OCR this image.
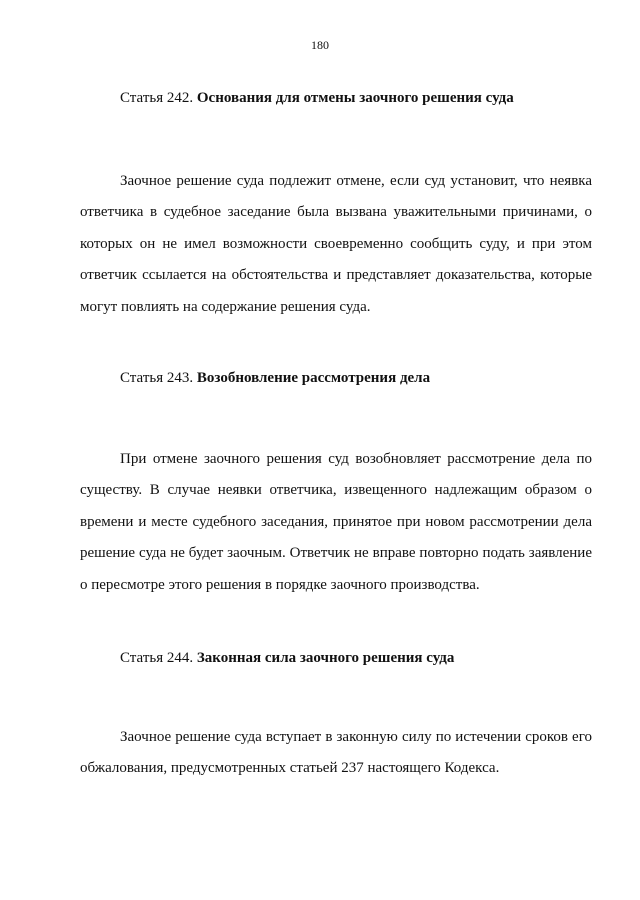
180
Статья 242. Основания для отмены заочного решения суда

Заочное решение суда подлежит отмене, если суд установит, что неявка ответчика в судебное заседание была вызвана уважительными причинами, о которых он не имел возможности своевременно сообщить суду, и при этом ответчик ссылается на обстоятельства и представляет доказательства, которые могут повлиять на содержание решения суда.

Статья 243. Возобновление рассмотрения дела

При отмене заочного решения суд возобновляет рассмотрение дела по существу. В случае неявки ответчика, извещенного надлежащим образом о времени и месте судебного заседания, принятое при новом рассмотрении дела решение суда не будет заочным. Ответчик не вправе повторно подать заявление о пересмотре этого решения в порядке заочного производства.

Статья 244. Законная сила заочного решения суда

Заочное решение суда вступает в законную силу по истечении сроков его обжалования, предусмотренных статьей 237 настоящего Кодекса.
